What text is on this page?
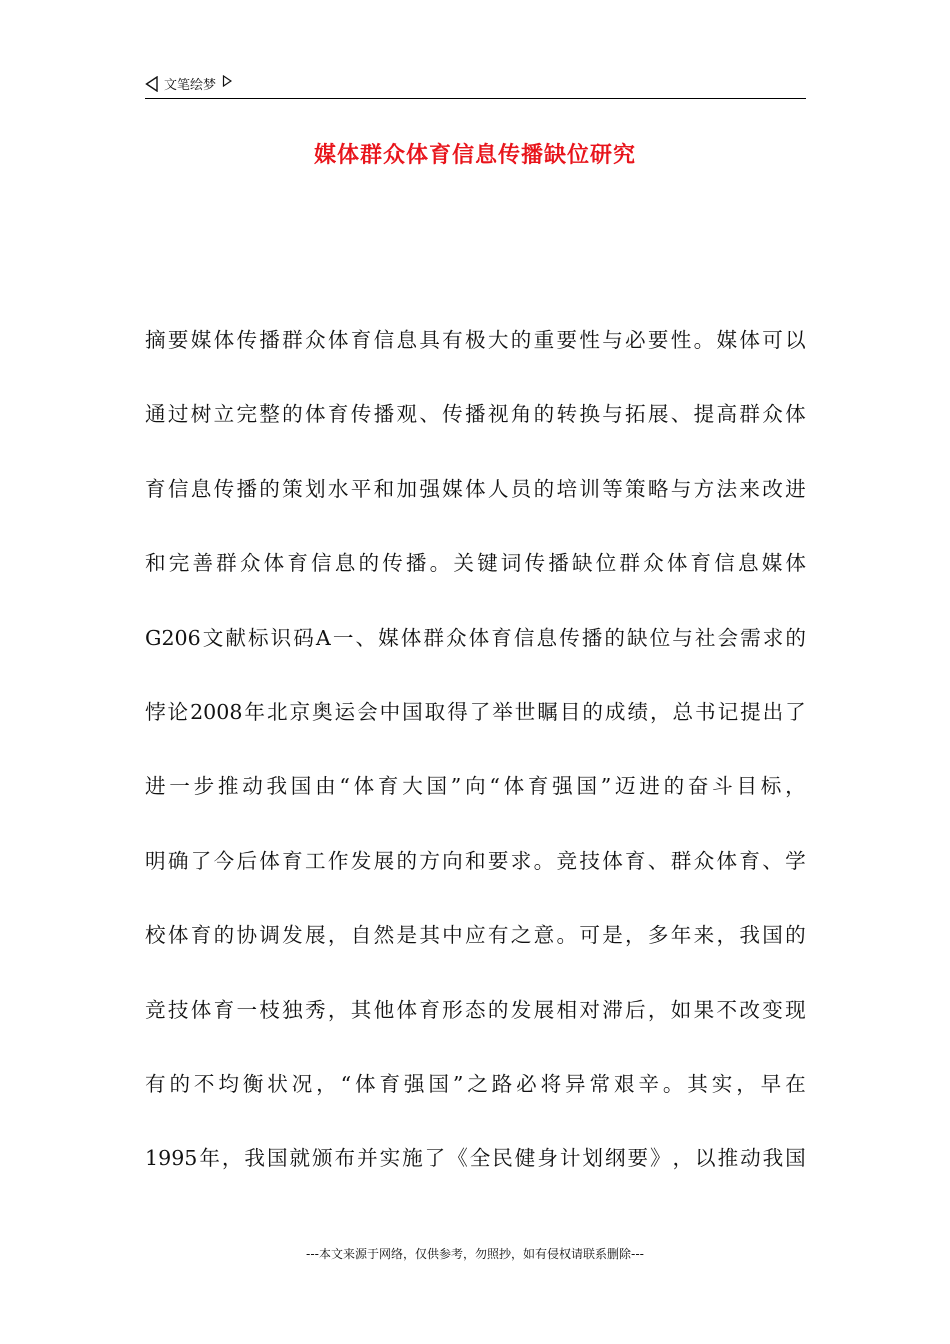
文笔绘梦
媒体群众体育信息传播缺位研究
摘 要 媒 体 传 播 群 众 体 育 信 息 具 有 极 大 的 重 要 性 与 必 要 性 。 媒 体 可 以
通 过 树 立 完 整 的 体 育 传 播 观 、 传 播 视 角 的 转 换 与 拓 展 、 提 高 群 众 体
育 信 息 传 播 的 策 划 水 平 和 加 强 媒 体 人 员 的 培 训 等 策 略 与 方 法 来 改 进
和 完 善 群 众 体 育 信 息 的 传 播 。 关 键 词 传 播 缺 位 群 众 体 育 信 息 媒 体
G206 文 献 标 识 码 A 一 、 媒 体 群 众 体 育 信 息 传 播 的 缺 位 与 社 会 需 求 的
悖 论 2008 年 北 京 奥 运 会 中 国 取 得 了 举 世 瞩 目 的 成 绩 ， 总 书 记 提 出 了
进 一 步 推 动 我 国 由 “ 体 育 大 国 ” 向 “ 体 育 强 国 ” 迈 进 的 奋 斗 目 标 ，
明 确 了 今 后 体 育 工 作 发 展 的 方 向 和 要 求 。 竞 技 体 育 、 群 众 体 育 、 学
校 体 育 的 协 调 发 展 ， 自 然 是 其 中 应 有 之 意 。 可 是 ， 多 年 来 ， 我 国 的
竞 技 体 育 一 枝 独 秀 ， 其 他 体 育 形 态 的 发 展 相 对 滞 后 ， 如 果 不 改 变 现
有 的 不 均 衡 状 况 ， “ 体 育 强 国 ” 之 路 必 将 异 常 艰 辛 。 其 实 ， 早 在
1995 年 ， 我 国 就 颁 布 并 实 施 了 《 全 民 健 身 计 划 纲 要 》 ， 以 推 动 我 国
---本文来源于网络，仅供参考，勿照抄，如有侵权请联系删除---
